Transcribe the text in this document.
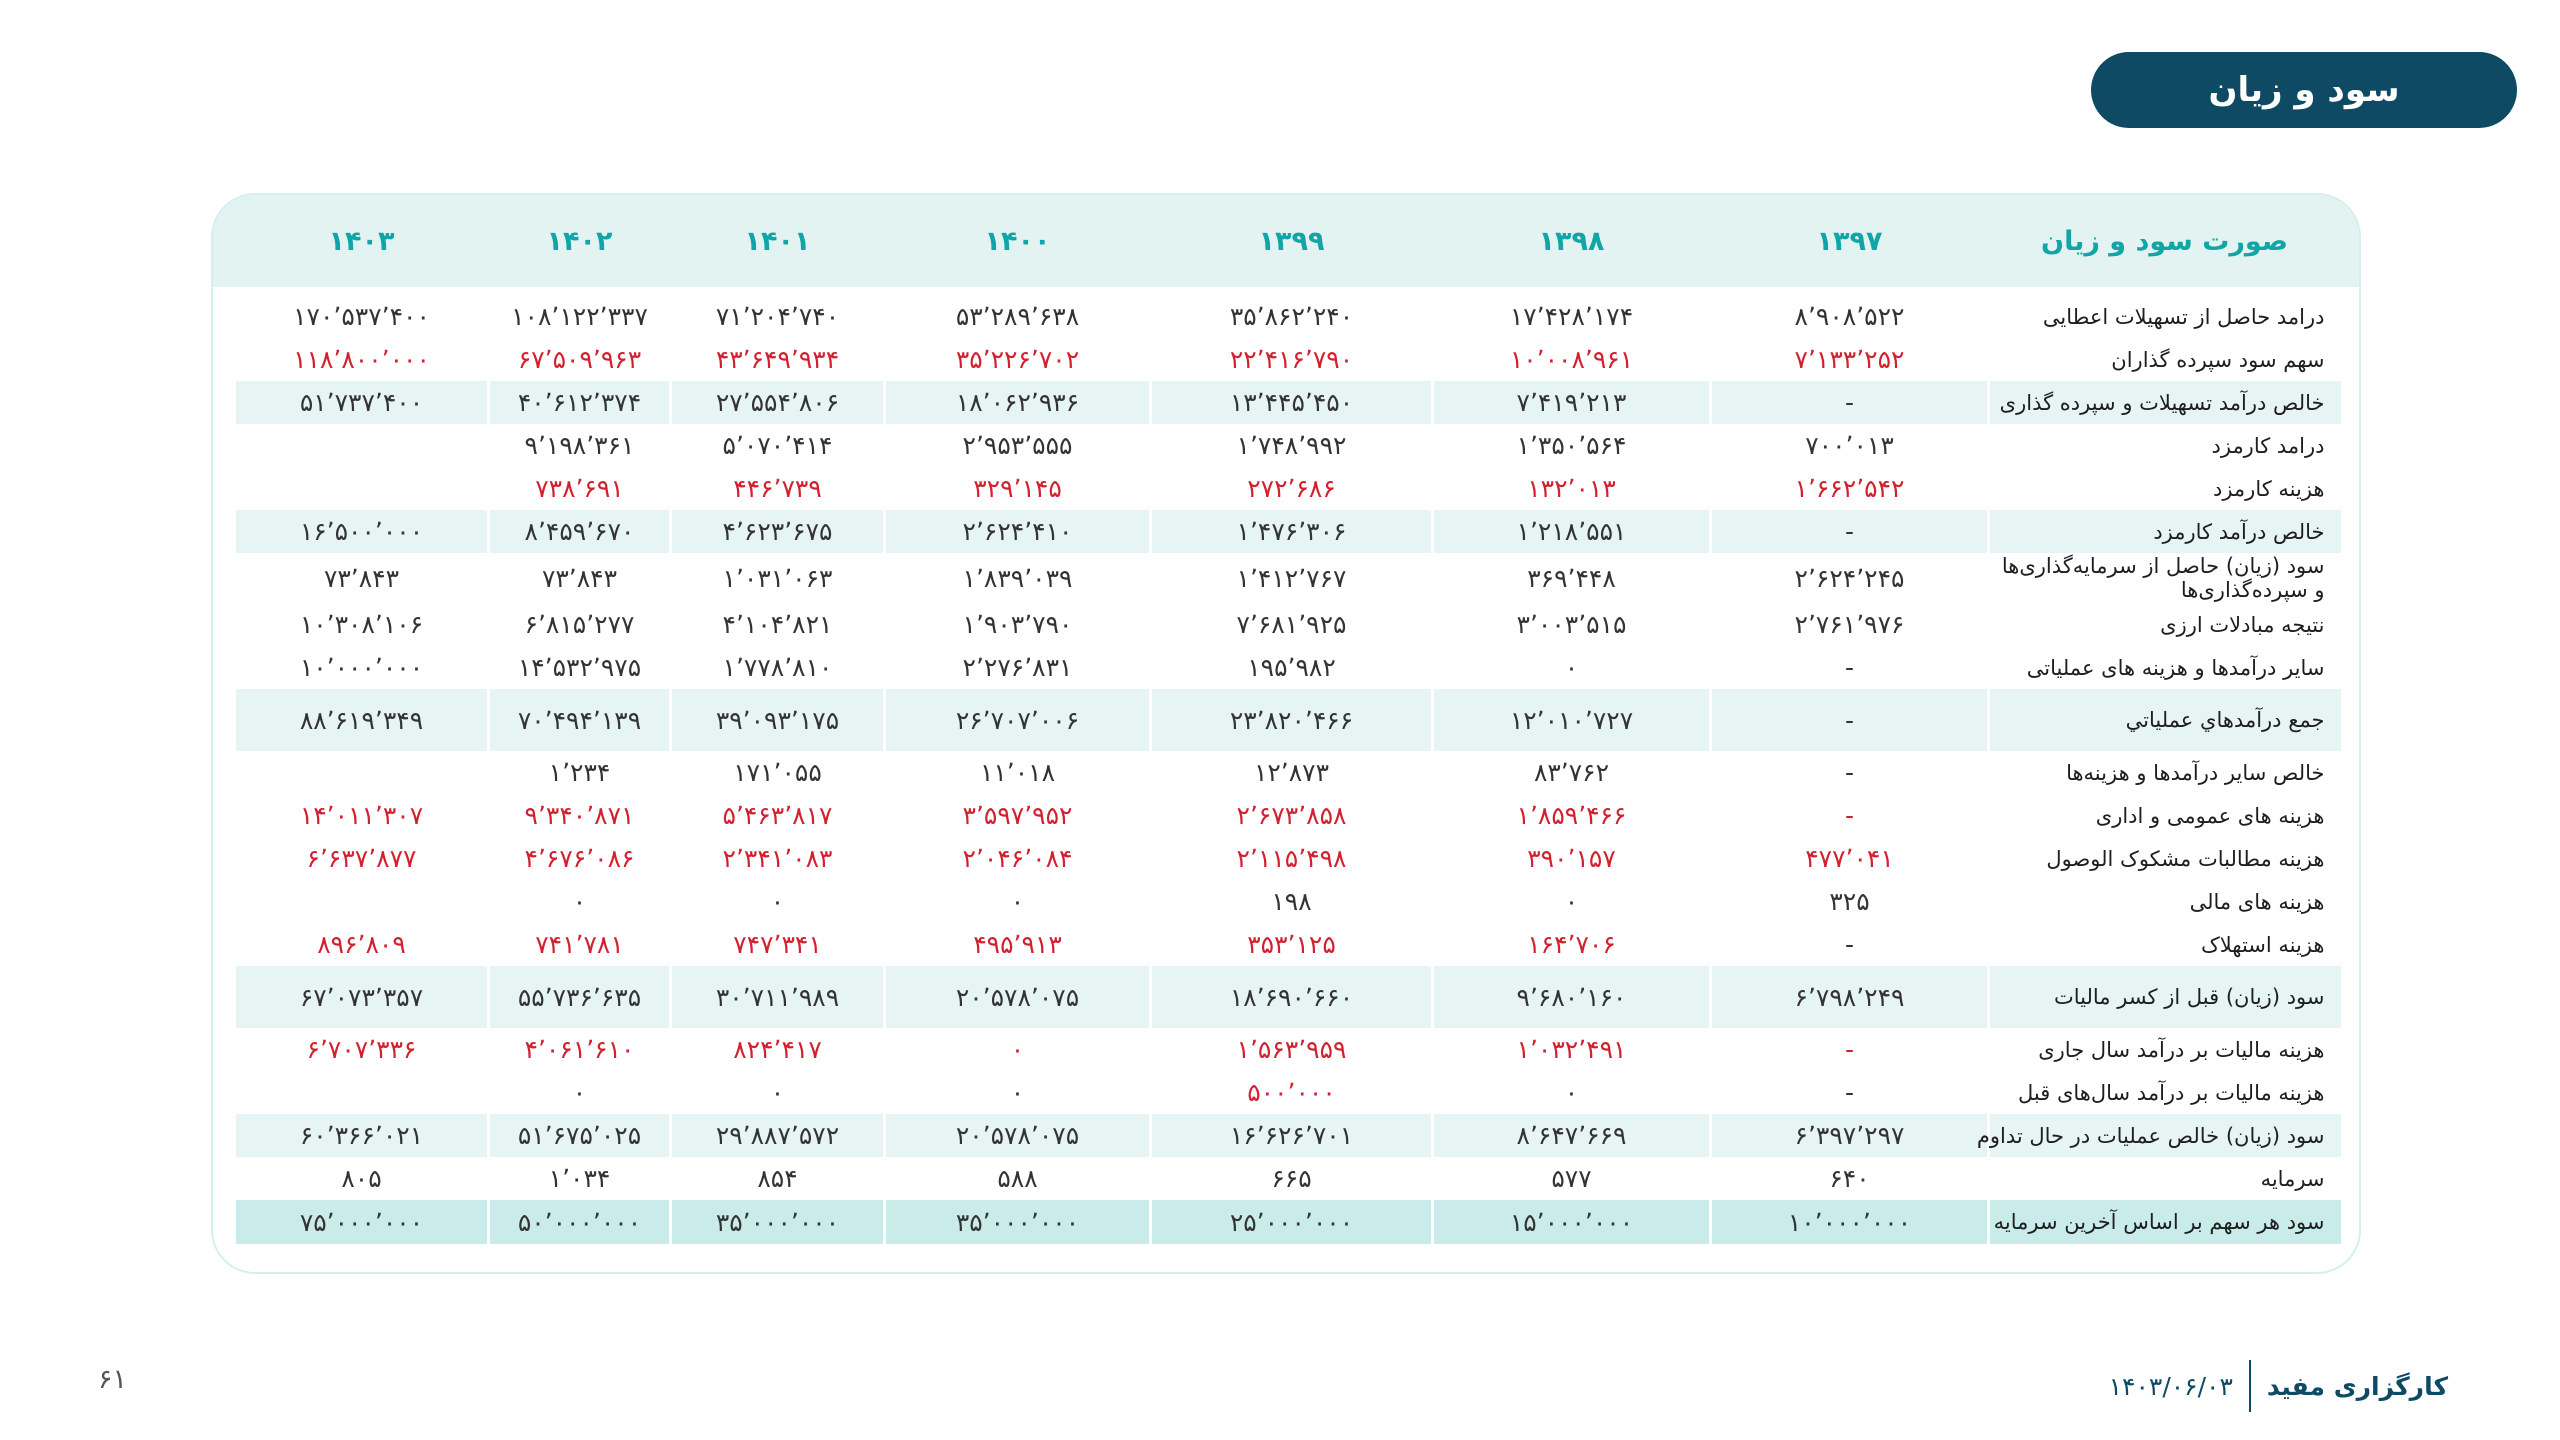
سود و زیان
صورت سود و زیان	۱۳۹۷	۱۳۹۸	۱۳۹۹	۱۴۰۰	۱۴۰۱	۱۴۰۲	۱۴۰۳

درامد حاصل از تسهیلات اعطایی	۸٬۹۰۸٬۵۲۲	۱۷٬۴۲۸٬۱۷۴	۳۵٬۸۶۲٬۲۴۰	۵۳٬۲۸۹٬۶۳۸	۷۱٬۲۰۴٬۷۴۰	۱۰۸٬۱۲۲٬۳۳۷	۱۷۰٬۵۳۷٬۴۰۰
سهم سود سپرده گذاران	۷٬۱۳۳٬۲۵۲	۱۰٬۰۰۸٬۹۶۱	۲۲٬۴۱۶٬۷۹۰	۳۵٬۲۲۶٬۷۰۲	۴۳٬۶۴۹٬۹۳۴	۶۷٬۵۰۹٬۹۶۳	۱۱۸٬۸۰۰٬۰۰۰
خالص درآمد تسهیلات و سپرده گذاری	-	۷٬۴۱۹٬۲۱۳	۱۳٬۴۴۵٬۴۵۰	۱۸٬۰۶۲٬۹۳۶	۲۷٬۵۵۴٬۸۰۶	۴۰٬۶۱۲٬۳۷۴	۵۱٬۷۳۷٬۴۰۰
درامد کارمزد	۷۰۰٬۰۱۳	۱٬۳۵۰٬۵۶۴	۱٬۷۴۸٬۹۹۲	۲٬۹۵۳٬۵۵۵	۵٬۰۷۰٬۴۱۴	۹٬۱۹۸٬۳۶۱	
هزینه کارمزد	۱٬۶۶۲٬۵۴۲	۱۳۲٬۰۱۳	۲۷۲٬۶۸۶	۳۲۹٬۱۴۵	۴۴۶٬۷۳۹	۷۳۸٬۶۹۱	
خالص درآمد کارمزد	-	۱٬۲۱۸٬۵۵۱	۱٬۴۷۶٬۳۰۶	۲٬۶۲۴٬۴۱۰	۴٬۶۲۳٬۶۷۵	۸٬۴۵۹٬۶۷۰	۱۶٬۵۰۰٬۰۰۰
سود (زیان) حاصل از سرمایه‌گذاری‌ها و سپرده‌گذاری‌ها	۲٬۶۲۴٬۲۴۵	۳۶۹٬۴۴۸	۱٬۴۱۲٬۷۶۷	۱٬۸۳۹٬۰۳۹	۱٬۰۳۱٬۰۶۳	۷۳٬۸۴۳	۷۳٬۸۴۳
نتیجه مبادلات ارزی	۲٬۷۶۱٬۹۷۶	۳٬۰۰۳٬۵۱۵	۷٬۶۸۱٬۹۲۵	۱٬۹۰۳٬۷۹۰	۴٬۱۰۴٬۸۲۱	۶٬۸۱۵٬۲۷۷	۱۰٬۳۰۸٬۱۰۶
سایر درآمدها و هزینه های عملیاتی	-	۰	۱۹۵٬۹۸۲	۲٬۲۷۶٬۸۳۱	۱٬۷۷۸٬۸۱۰	۱۴٬۵۳۲٬۹۷۵	۱۰٬۰۰۰٬۰۰۰
جمع درآمدهاي عملياتي	-	۱۲٬۰۱۰٬۷۲۷	۲۳٬۸۲۰٬۴۶۶	۲۶٬۷۰۷٬۰۰۶	۳۹٬۰۹۳٬۱۷۵	۷۰٬۴۹۴٬۱۳۹	۸۸٬۶۱۹٬۳۴۹
خالص سایر درآمدها و هزینه‌ها	-	۸۳٬۷۶۲	۱۲٬۸۷۳	۱۱٬۰۱۸	۱۷۱٬۰۵۵	۱٬۲۳۴	
هزینه های عمومی و اداری	-	۱٬۸۵۹٬۴۶۶	۲٬۶۷۳٬۸۵۸	۳٬۵۹۷٬۹۵۲	۵٬۴۶۳٬۸۱۷	۹٬۳۴۰٬۸۷۱	۱۴٬۰۱۱٬۳۰۷
هزینه مطالبات مشکوک الوصول	۴۷۷٬۰۴۱	۳۹۰٬۱۵۷	۲٬۱۱۵٬۴۹۸	۲٬۰۴۶٬۰۸۴	۲٬۳۴۱٬۰۸۳	۴٬۶۷۶٬۰۸۶	۶٬۶۳۷٬۸۷۷
هزینه های مالی	۳۲۵	۰	۱۹۸	۰	۰	۰	
هزینه استهلاک	-	۱۶۴٬۷۰۶	۳۵۳٬۱۲۵	۴۹۵٬۹۱۳	۷۴۷٬۳۴۱	۷۴۱٬۷۸۱	۸۹۶٬۸۰۹
سود (زیان) قبل از کسر مالیات	۶٬۷۹۸٬۲۴۹	۹٬۶۸۰٬۱۶۰	۱۸٬۶۹۰٬۶۶۰	۲۰٬۵۷۸٬۰۷۵	۳۰٬۷۱۱٬۹۸۹	۵۵٬۷۳۶٬۶۳۵	۶۷٬۰۷۳٬۳۵۷
هزینه مالیات بر درآمد سال جاری	-	۱٬۰۳۲٬۴۹۱	۱٬۵۶۳٬۹۵۹	۰	۸۲۴٬۴۱۷	۴٬۰۶۱٬۶۱۰	۶٬۷۰۷٬۳۳۶
هزینه مالیات بر درآمد سال‌های قبل	-	۰	۵۰۰٬۰۰۰	۰	۰	۰	
سود (زیان) خالص عملیات در حال تداوم	۶٬۳۹۷٬۲۹۷	۸٬۶۴۷٬۶۶۹	۱۶٬۶۲۶٬۷۰۱	۲۰٬۵۷۸٬۰۷۵	۲۹٬۸۸۷٬۵۷۲	۵۱٬۶۷۵٬۰۲۵	۶۰٬۳۶۶٬۰۲۱
سرمایه	۶۴۰	۵۷۷	۶۶۵	۵۸۸	۸۵۴	۱٬۰۳۴	۸۰۵
سود هر سهم بر اساس آخرین سرمایه	۱۰٬۰۰۰٬۰۰۰	۱۵٬۰۰۰٬۰۰۰	۲۵٬۰۰۰٬۰۰۰	۳۵٬۰۰۰٬۰۰۰	۳۵٬۰۰۰٬۰۰۰	۵۰٬۰۰۰٬۰۰۰	۷۵٬۰۰۰٬۰۰۰
۶۱	کارگزاری مفید
۱۴۰۳/۰۶/۰۳
